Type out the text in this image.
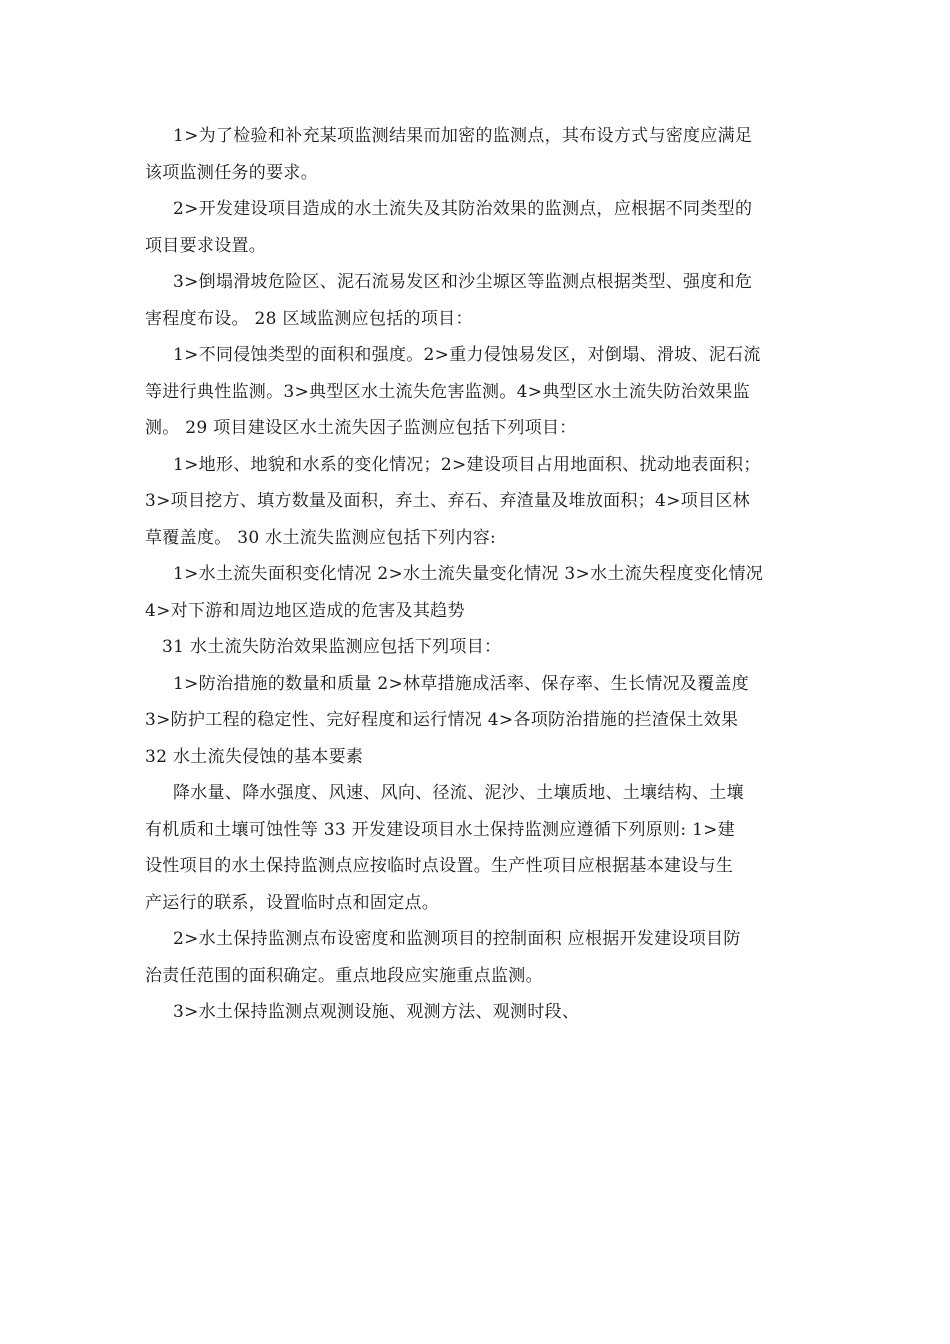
1>为了检验和补充某项监测结果而加密的监测点，其布设方式与密度应满足
该项监测任务的要求。
2>开发建设项目造成的水土流失及其防治效果的监测点，应根据不同类型的
项目要求设置。
3>倒塌滑坡危险区、泥石流易发区和沙尘塬区等监测点根据类型、强度和危
害程度布设。 28 区域监测应包括的项目：
1>不同侵蚀类型的面积和强度。2>重力侵蚀易发区，对倒塌、滑坡、泥石流
等进行典性监测。3>典型区水土流失危害监测。4>典型区水土流失防治效果监
测。 29 项目建设区水土流失因子监测应包括下列项目：
1>地形、地貌和水系的变化情况；2>建设项目占用地面积、扰动地表面积；
3>项目挖方、填方数量及面积，弃土、弃石、弃渣量及堆放面积；4>项目区林
草覆盖度。 30 水土流失监测应包括下列内容:
1>水土流失面积变化情况 2>水土流失量变化情况 3>水土流失程度变化情况
4>对下游和周边地区造成的危害及其趋势
31 水土流失防治效果监测应包括下列项目：
1>防治措施的数量和质量 2>林草措施成活率、保存率、生长情况及覆盖度
3>防护工程的稳定性、完好程度和运行情况 4>各项防治措施的拦渣保土效果
32 水土流失侵蚀的基本要素
降水量、降水强度、风速、风向、径流、泥沙、土壤质地、土壤结构、土壤
有机质和土壤可蚀性等 33 开发建设项目水土保持监测应遵循下列原则: 1>建
设性项目的水土保持监测点应按临时点设置。生产性项目应根据基本建设与生
产运行的联系，设置临时点和固定点。
2>水土保持监测点布设密度和监测项目的控制面积 应根据开发建设项目防
治责任范围的面积确定。重点地段应实施重点监测。
3>水土保持监测点观测设施、观测方法、观测时段、
